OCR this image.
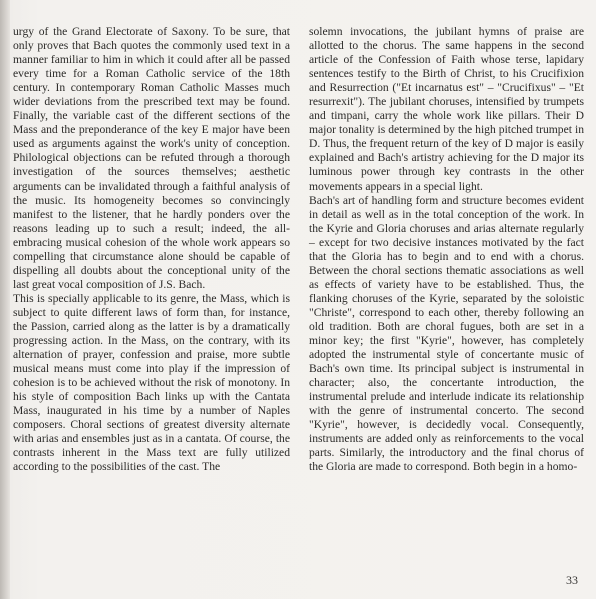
urgy of the Grand Electorate of Saxony. To be sure, that only proves that Bach quotes the commonly used text in a manner familiar to him in which it could after all be passed every time for a Roman Catholic service of the 18th century. In contemporary Roman Catholic Masses much wider deviations from the prescribed text may be found. Finally, the variable cast of the different sections of the Mass and the preponderance of the key E major have been used as arguments against the work's unity of conception. Philological objections can be refuted through a thorough investigation of the sources themselves; aesthetic arguments can be invalidated through a faithful analysis of the music. Its homogeneity becomes so convincingly manifest to the listener, that he hardly ponders over the reasons leading up to such a result; indeed, the all-embracing musical cohesion of the whole work appears so compelling that circumstance alone should be capable of dispelling all doubts about the conceptional unity of the last great vocal composition of J.S. Bach.

This is specially applicable to its genre, the Mass, which is subject to quite different laws of form than, for instance, the Passion, carried along as the latter is by a dramatically progressing action. In the Mass, on the contrary, with its alternation of prayer, confession and praise, more subtle musical means must come into play if the impression of cohesion is to be achieved without the risk of monotony. In his style of composition Bach links up with the Cantata Mass, inaugurated in his time by a number of Naples composers. Choral sections of greatest diversity alternate with arias and ensembles just as in a cantata. Of course, the contrasts inherent in the Mass text are fully utilized according to the possibilities of the cast. The

solemn invocations, the jubilant hymns of praise are allotted to the chorus. The same happens in the second article of the Confession of Faith whose terse, lapidary sentences testify to the Birth of Christ, to his Crucifixion and Resurrection ("Et incarnatus est" – "Crucifixus" – "Et resurrexit"). The jubilant choruses, intensified by trumpets and timpani, carry the whole work like pillars. Their D major tonality is determined by the high pitched trumpet in D. Thus, the frequent return of the key of D major is easily explained and Bach's artistry achieving for the D major its luminous power through key contrasts in the other movements appears in a special light.

Bach's art of handling form and structure becomes evident in detail as well as in the total conception of the work. In the Kyrie and Gloria choruses and arias alternate regularly – except for two decisive instances motivated by the fact that the Gloria has to begin and to end with a chorus. Between the choral sections thematic associations as well as effects of variety have to be established. Thus, the flanking choruses of the Kyrie, separated by the soloistic "Christe", correspond to each other, thereby following an old tradition. Both are choral fugues, both are set in a minor key; the first "Kyrie", however, has completely adopted the instrumental style of concertante music of Bach's own time. Its principal subject is instrumental in character; also, the concertante introduction, the instrumental prelude and interlude indicate its relationship with the genre of instrumental concerto. The second "Kyrie", however, is decidedly vocal. Consequently, instruments are added only as reinforcements to the vocal parts. Similarly, the introductory and the final chorus of the Gloria are made to correspond. Both begin in a homo-

33
